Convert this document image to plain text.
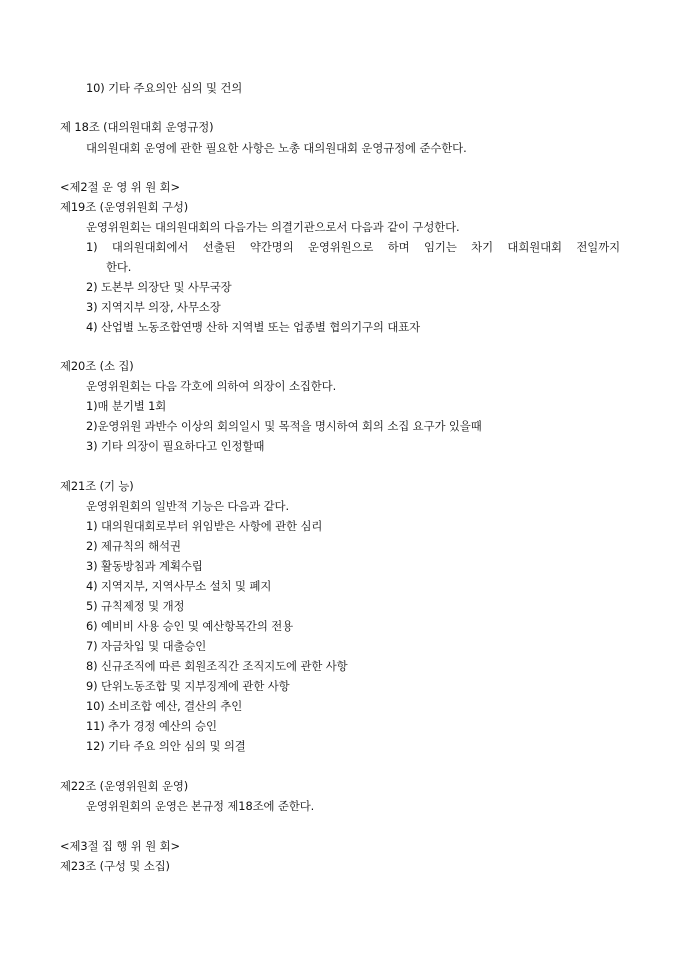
10) 기타 주요의안 심의 및 건의
제 18조 (대의원대회 운영규정)
대의원대회 운영에 관한 필요한 사항은 노총 대의원대회 운영규정에 준수한다.
<제2절 운 영 위 원 회>
제19조 (운영위원회 구성)
운영위원회는 대의원대회의 다음가는 의결기관으로서 다음과 같이 구성한다.
1) 대의원대회에서 선출된 약간명의 운영위원으로 하며 임기는 차기 대희원대회 전일까지
한다.
2) 도본부 의장단 및 사무국장
3) 지역지부 의장, 사무소장
4) 산업별 노동조합연맹 산하 지역별 또는 업종별 협의기구의 대표자
제20조 (소 집)
운영위원회는 다음 각호에 의하여 의장이 소집한다.
1)매 분기별 1회
2)운영위원 과반수 이상의 회의일시 및 목적을 명시하여 회의 소집 요구가 있을때
3) 기타 의장이 필요하다고 인정할때
제21조 (기 능)
운영위원회의 일반적 기능은 다음과 같다.
1) 대의원대회로부터 위임받은 사항에 관한 심리
2) 제규칙의 해석권
3) 활동방침과 계획수립
4) 지역지부, 지역사무소 설치 및 폐지
5) 규칙제정 및 개정
6) 예비비 사용 승인 및 예산항목간의 전용
7) 자금차입 및 대출승인
8) 신규조직에 따른 회원조직간 조직지도에 관한 사항
9) 단위노동조합 및 지부징계에 관한 사항
10) 소비조합 예산, 결산의 추인
11) 추가 경정 예산의 승인
12) 기타 주요 의안 심의 및 의결
제22조 (운영위원회 운영)
운영위원회의 운영은 본규정 제18조에 준한다.
<제3절 집 행 위 원 회>
제23조 (구성 및 소집)
